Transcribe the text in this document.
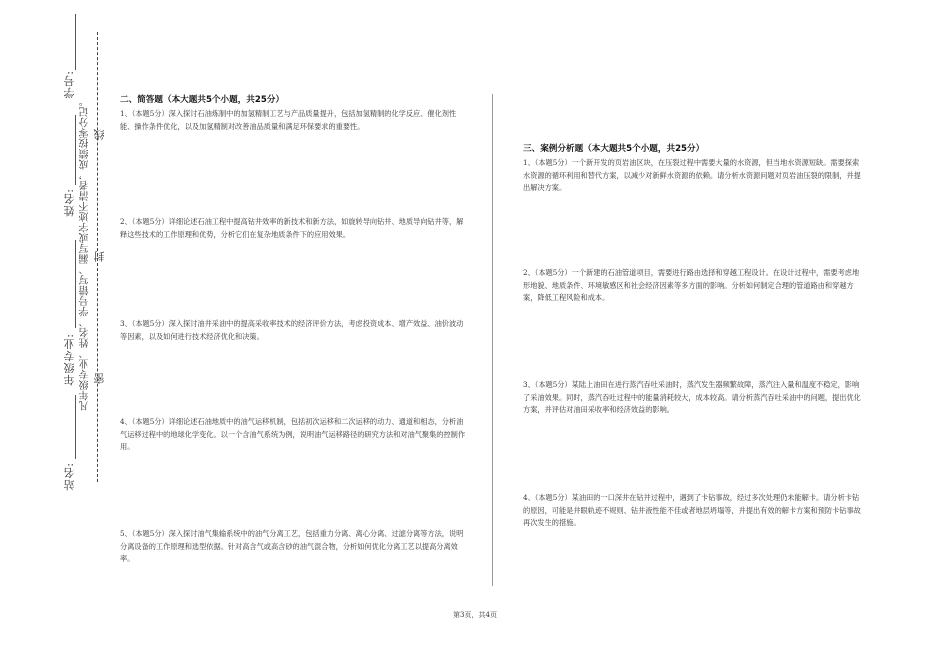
学号:
姓名:
年级专业:
站名:
凡年级专业、姓名、学号错写、漏写或字迹不清者，成绩按零分记。 线
封
密
二、简答题（本大题共5个小题，共25分）
1、（本题5分）深入探讨石油炼制中的加氢精制工艺与产品质量提升，包括加氢精制的化学反应、催化剂性能、操作条件优化，以及加氢精制对改善油品质量和满足环保要求的重要性。
2、（本题5分）详细论述石油工程中提高钻井效率的新技术和新方法，如旋转导向钻井、地质导向钻井等，解释这些技术的工作原理和优势，分析它们在复杂地质条件下的应用效果。
3、（本题5分）深入探讨油井采油中的提高采收率技术的经济评价方法，考虑投资成本、增产效益、油价波动等因素，以及如何进行技术经济优化和决策。
4、（本题5分）详细论述石油地质中的油气运移机制，包括初次运移和二次运移的动力、通道和相态，分析油气运移过程中的地球化学变化。以一个含油气系统为例，说明油气运移路径的研究方法和对油气聚集的控制作用。
5、（本题5分）深入探讨油气集输系统中的油气分离工艺，包括重力分离、离心分离、过滤分离等方法，说明分离设备的工作原理和选型依据。针对高含气或高含砂的油气混合物，分析如何优化分离工艺以提高分离效率。
三、案例分析题（本大题共5个小题，共25分）
1、（本题5分）一个新开发的页岩油区块，在压裂过程中需要大量的水资源，但当地水资源短缺。需要探索水资源的循环利用和替代方案，以减少对新鲜水资源的依赖。请分析水资源问题对页岩油压裂的限制，并提出解决方案。
2、（本题5分）一个新建的石油管道项目，需要进行路由选择和穿越工程设计。在设计过程中，需要考虑地形地貌、地质条件、环境敏感区和社会经济因素等多方面的影响。分析如何制定合理的管道路由和穿越方案，降低工程风险和成本。
3、（本题5分）某陆上油田在进行蒸汽吞吐采油时，蒸汽发生器频繁故障，蒸汽注入量和温度不稳定，影响了采油效果。同时，蒸汽吞吐过程中的能量消耗较大，成本较高。请分析蒸汽吞吐采油中的问题，提出优化方案，并评估对油田采收率和经济效益的影响。
4、（本题5分）某油田的一口深井在钻井过程中，遇到了卡钻事故，经过多次处理仍未能解卡。请分析卡钻的原因，可能是井眼轨迹不规则、钻井液性能不佳或者地层坍塌等，并提出有效的解卡方案和预防卡钻事故再次发生的措施。
第3页，共4页
